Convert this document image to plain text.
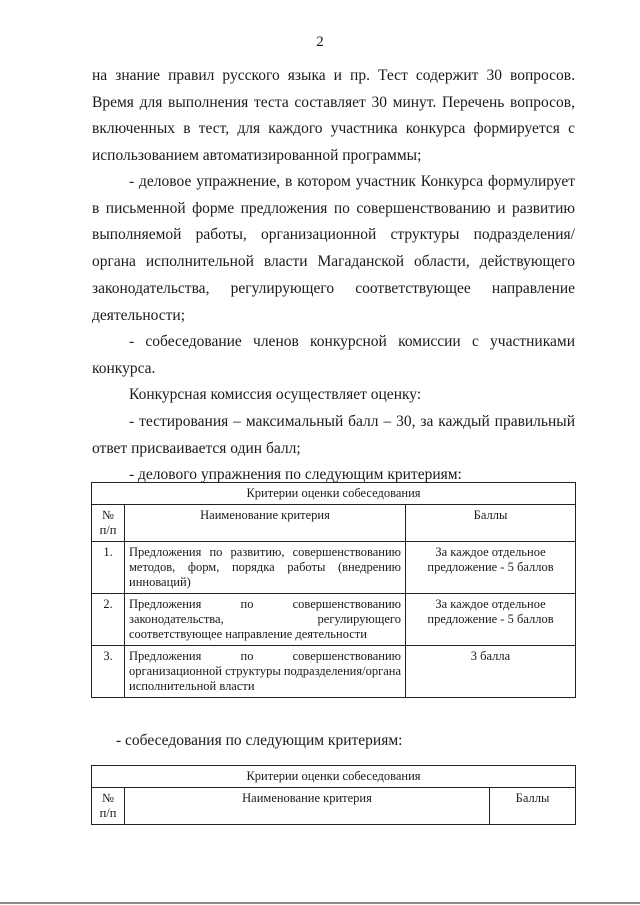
2

на знание правил русского языка и пр. Тест содержит 30 вопросов. Время для выполнения теста составляет 30 минут. Перечень вопросов, включенных в тест, для каждого участника конкурса формируется с использованием автоматизированной программы;

- деловое упражнение, в котором участник Конкурса формулирует в письменной форме предложения по совершенствованию и развитию выполняемой работы, организационной структуры подразделения/органа исполнительной власти Магаданской области, действующего законодательства, регулирующего соответствующее направление деятельности;

- собеседование членов конкурсной комиссии с участниками конкурса.

Конкурсная комиссия осуществляет оценку:

- тестирования – максимальный балл – 30, за каждый правильный ответ присваивается один балл;

- делового упражнения по следующим критериям:

Критерии оценки собеседования		
№ п/п	Наименование критерия	Баллы
1.	Предложения по развитию, совершенствованию методов, форм, порядка работы (внедрению инноваций)	За каждое отдельное предложение - 5 баллов
2.	Предложения по совершенствованию законодательства, регулирующего соответствующее направление деятельности	За каждое отдельное предложение - 5 баллов
3.	Предложения по совершенствованию организационной структуры подразделения/органа исполнительной власти	3 балла
- собеседования по следующим критериям:
Критерии оценки собеседования
№ п/п	Наименование критерия	Баллы
